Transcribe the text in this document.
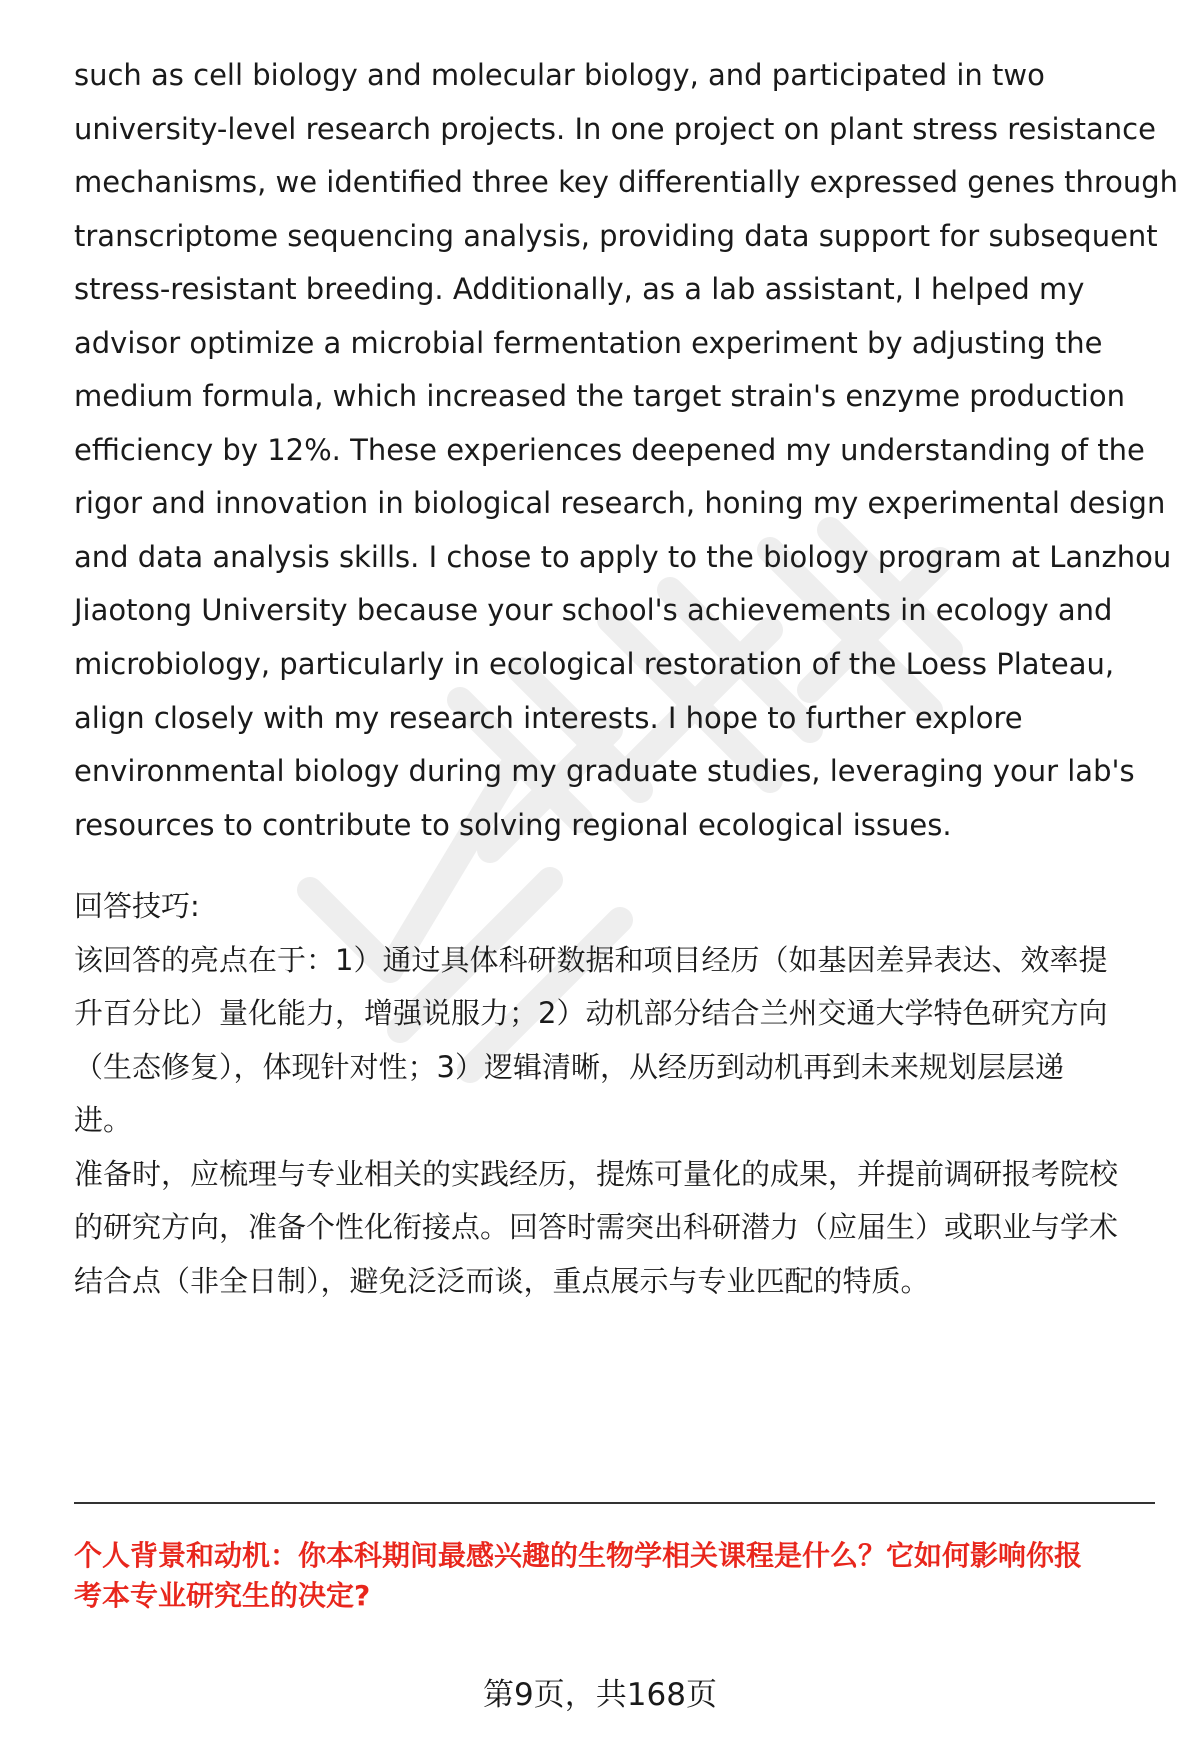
such as cell biology and molecular biology, and participated in two
university-level research projects. In one project on plant stress resistance
mechanisms, we identified three key differentially expressed genes through
transcriptome sequencing analysis, providing data support for subsequent
stress-resistant breeding. Additionally, as a lab assistant, I helped my
advisor optimize a microbial fermentation experiment by adjusting the
medium formula, which increased the target strain's enzyme production
efficiency by 12%. These experiences deepened my understanding of the
rigor and innovation in biological research, honing my experimental design
and data analysis skills. I chose to apply to the biology program at Lanzhou
Jiaotong University because your school's achievements in ecology and
microbiology, particularly in ecological restoration of the Loess Plateau,
align closely with my research interests. I hope to further explore
environmental biology during my graduate studies, leveraging your lab's
resources to contribute to solving regional ecological issues.
回答技巧:
该回答的亮点在于：1）通过具体科研数据和项目经历（如基因差异表达、效率提
升百分比）量化能力，增强说服力；2）动机部分结合兰州交通大学特色研究方向
（生态修复），体现针对性；3）逻辑清晰，从经历到动机再到未来规划层层递
进。
准备时，应梳理与专业相关的实践经历，提炼可量化的成果，并提前调研报考院校
的研究方向，准备个性化衔接点。回答时需突出科研潜力（应届生）或职业与学术
结合点（非全日制），避免泛泛而谈，重点展示与专业匹配的特质。
个人背景和动机：你本科期间最感兴趣的生物学相关课程是什么？它如何影响你报
考本专业研究生的决定?
第9页，共168页
